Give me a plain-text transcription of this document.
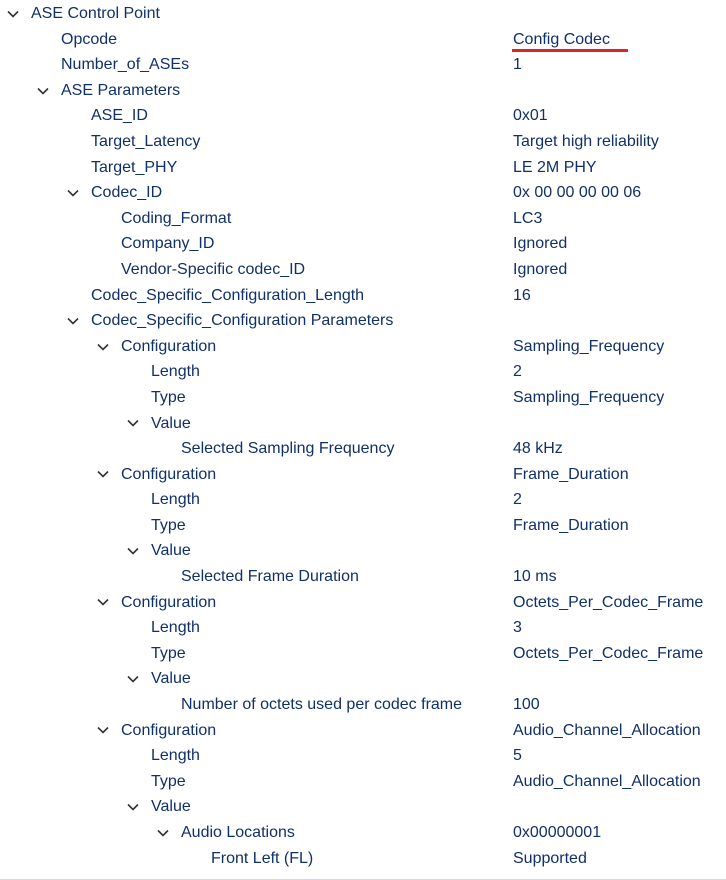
ASE Control Point
Opcode	Config Codec
Number_of_ASEs	1
ASE Parameters
ASE_ID	0x01
Target_Latency	Target high reliability
Target_PHY	LE 2M PHY
Codec_ID	0x 00 00 00 00 06
Coding_Format	LC3
Company_ID	Ignored
Vendor-Specific codec_ID	Ignored
Codec_Specific_Configuration_Length	16
Codec_Specific_Configuration Parameters
Configuration	Sampling_Frequency
Length	2
Type	Sampling_Frequency
Value
Selected Sampling Frequency	48 kHz
Configuration	Frame_Duration
Length	2
Type	Frame_Duration
Value
Selected Frame Duration	10 ms
Configuration	Octets_Per_Codec_Frame
Length	3
Type	Octets_Per_Codec_Frame
Value
Number of octets used per codec frame	100
Configuration	Audio_Channel_Allocation
Length	5
Type	Audio_Channel_Allocation
Value
Audio Locations	0x00000001
Front Left (FL)	Supported
